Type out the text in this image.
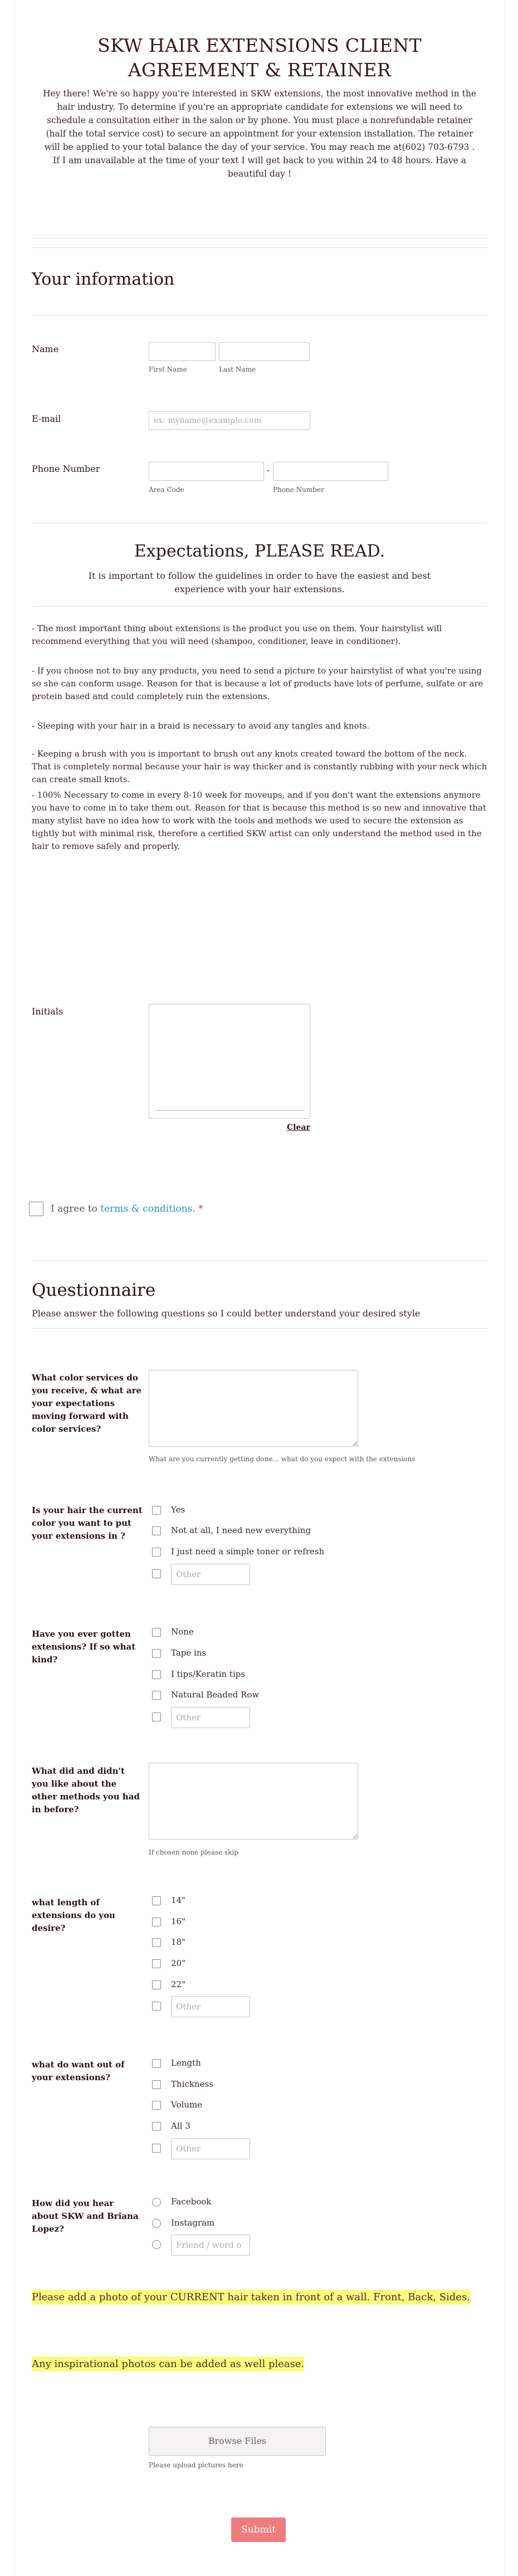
SKW HAIR EXTENSIONS CLIENT AGREEMENT & RETAINER
Hey there! We're so happy you're interested in SKW extensions, the most innovative method in the hair industry. To determine if you're an appropriate candidate for extensions we will need to schedule a consultation either in the salon or by phone. You must place a nonrefundable retainer (half the total service cost) to secure an appointment for your extension installation. The retainer will be applied to your total balance the day of your service. You may reach me at(602) 703-6793 . If I am unavailable at the time of your text I will get back to you within 24 to 48 hours. Have a beautiful day !
Your information
Name
First Name	Last Name
E-mail
ex: myname@example.com
Phone Number	-
Area Code	Phone Number
Expectations, PLEASE READ.
It is important to follow the guidelines in order to have the easiest and best experience with your hair extensions.
- The most important thing about extensions is the product you use on them. Your hairstylist will recommend everything that you will need (shampoo, conditioner, leave in conditioner).
- If you choose not to buy any products, you need to send a picture to your hairstylist of what you're using so she can conform usage. Reason for that is because a lot of products have lots of perfume, sulfate or are protein based and could completely ruin the extensions.
- Sleeping with your hair in a braid is necessary to avoid any tangles and knots.
- Keeping a brush with you is important to brush out any knots created toward the bottom of the neck. That is completely normal because your hair is way thicker and is constantly rubbing with your neck which can create small knots.
- 100% Necessary to come in every 8-10 week for moveups, and if you don't want the extensions anymore you have to come in to take them out. Reason for that is because this method is so new and innovative that many stylist have no idea how to work with the tools and methods we used to secure the extension as tightly but with minimal risk, therefore a certified SKW artist can only understand the method used in the hair to remove safely and properly.
Initials
Clear
I agree to terms & conditions. *
Questionnaire
Please answer the following questions so I could better understand your desired style
What color services do you receive, & what are your expectations moving forward with color services?
What are you currently getting done... what do you expect with the extensions
Is your hair the current color you want to put your extensions in ?
Yes
Not at all, I need new everything
I just need a simple toner or refresh
Other
Have you ever gotten extensions? If so what kind?
None
Tape ins
I tips/Keratin tips
Natural Beaded Row
Other
What did and didn't you like about the other methods you had in before?
If chosen none please skip
what length of extensions do you desire?
14"
16"
18"
20"
22"
Other
what do want out of your extensions?
Length
Thickness
Volume
All 3
Other
How did you hear about SKW and Briana Lopez?
Facebook
Instagram
Friend / word o
Please add a photo of your CURRENT hair taken in front of a wall. Front, Back, Sides.
Any inspirational photos can be added as well please.
Browse Files
Please upload pictures here
Submit
